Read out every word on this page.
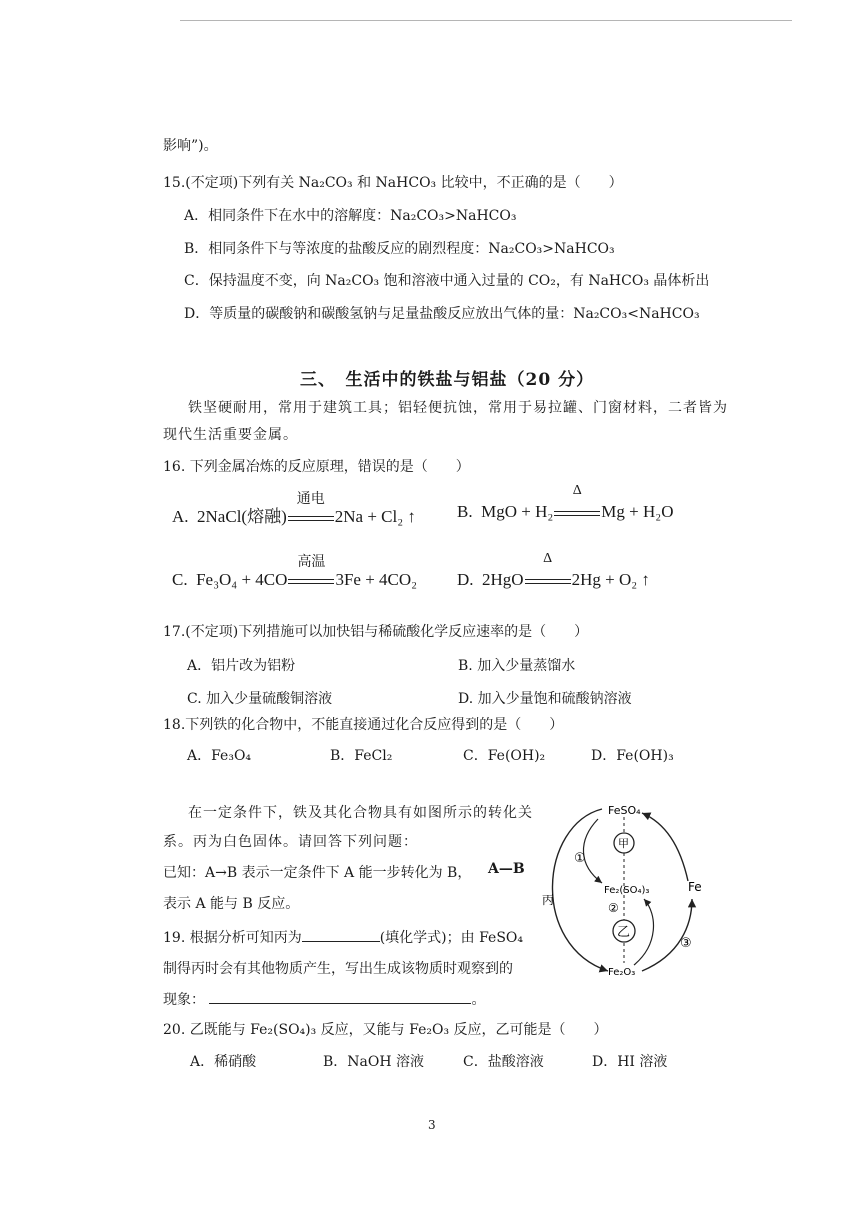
影响”)。
15.(不定项)下列有关 Na₂CO₃ 和 NaHCO₃ 比较中，不正确的是（　　）
A．相同条件下在水中的溶解度：Na₂CO₃>NaHCO₃
B．相同条件下与等浓度的盐酸反应的剧烈程度：Na₂CO₃>NaHCO₃
C．保持温度不变，向 Na₂CO₃ 饱和溶液中通入过量的 CO₂，有 NaHCO₃ 晶体析出
D．等质量的碳酸钠和碳酸氢钠与足量盐酸反应放出气体的量：Na₂CO₃<NaHCO₃
三、　生活中的铁盐与铝盐（20 分）
铁坚硬耐用，常用于建筑工具；铝轻便抗蚀，常用于易拉罐、门窗材料，二者皆为
现代生活重要金属。
16. 下列金属冶炼的反应原理，错误的是（　　）
A. 2NaCl(熔融)
通电
2Na + Cl₂ ↑ B. MgO + H₂
Δ
Mg + H₂O
C. Fe₃O₄ + 4CO
高温
3Fe + 4CO₂ D. 2HgO
Δ
2Hg + O₂ ↑
17.(不定项)下列措施可以加快铝与稀硫酸化学反应速率的是（　　）
A．铝片改为铝粉	B. 加入少量蒸馏水
C. 加入少量硫酸铜溶液	D. 加入少量饱和硫酸钠溶液
18.下列铁的化合物中，不能直接通过化合反应得到的是（　　）
A．Fe₃O₄	B．FeCl₂	C．Fe(OH)₂	D．Fe(OH)₃
在一定条件下，铁及其化合物具有如图所示的转化关
系。丙为白色固体。请回答下列问题：
已知：A→B 表示一定条件下 A 能一步转化为 B， A—B
表示 A 能与 B 反应。
19. 根据分析可知丙为	(填化学式)；由 FeSO₄
制得丙时会有其他物质产生，写出生成该物质时观察到的
现象：	。
20. 乙既能与 Fe₂(SO₄)₃ 反应，又能与 Fe₂O₃ 反应，乙可能是（　　）
A．稀硝酸	B．NaOH 溶液	C．盐酸溶液	D．HI 溶液
FeSO₄
甲
①
Fe₂(SO₄)₃	Fe
丙
②
乙
③
Fe₂O₃
3
